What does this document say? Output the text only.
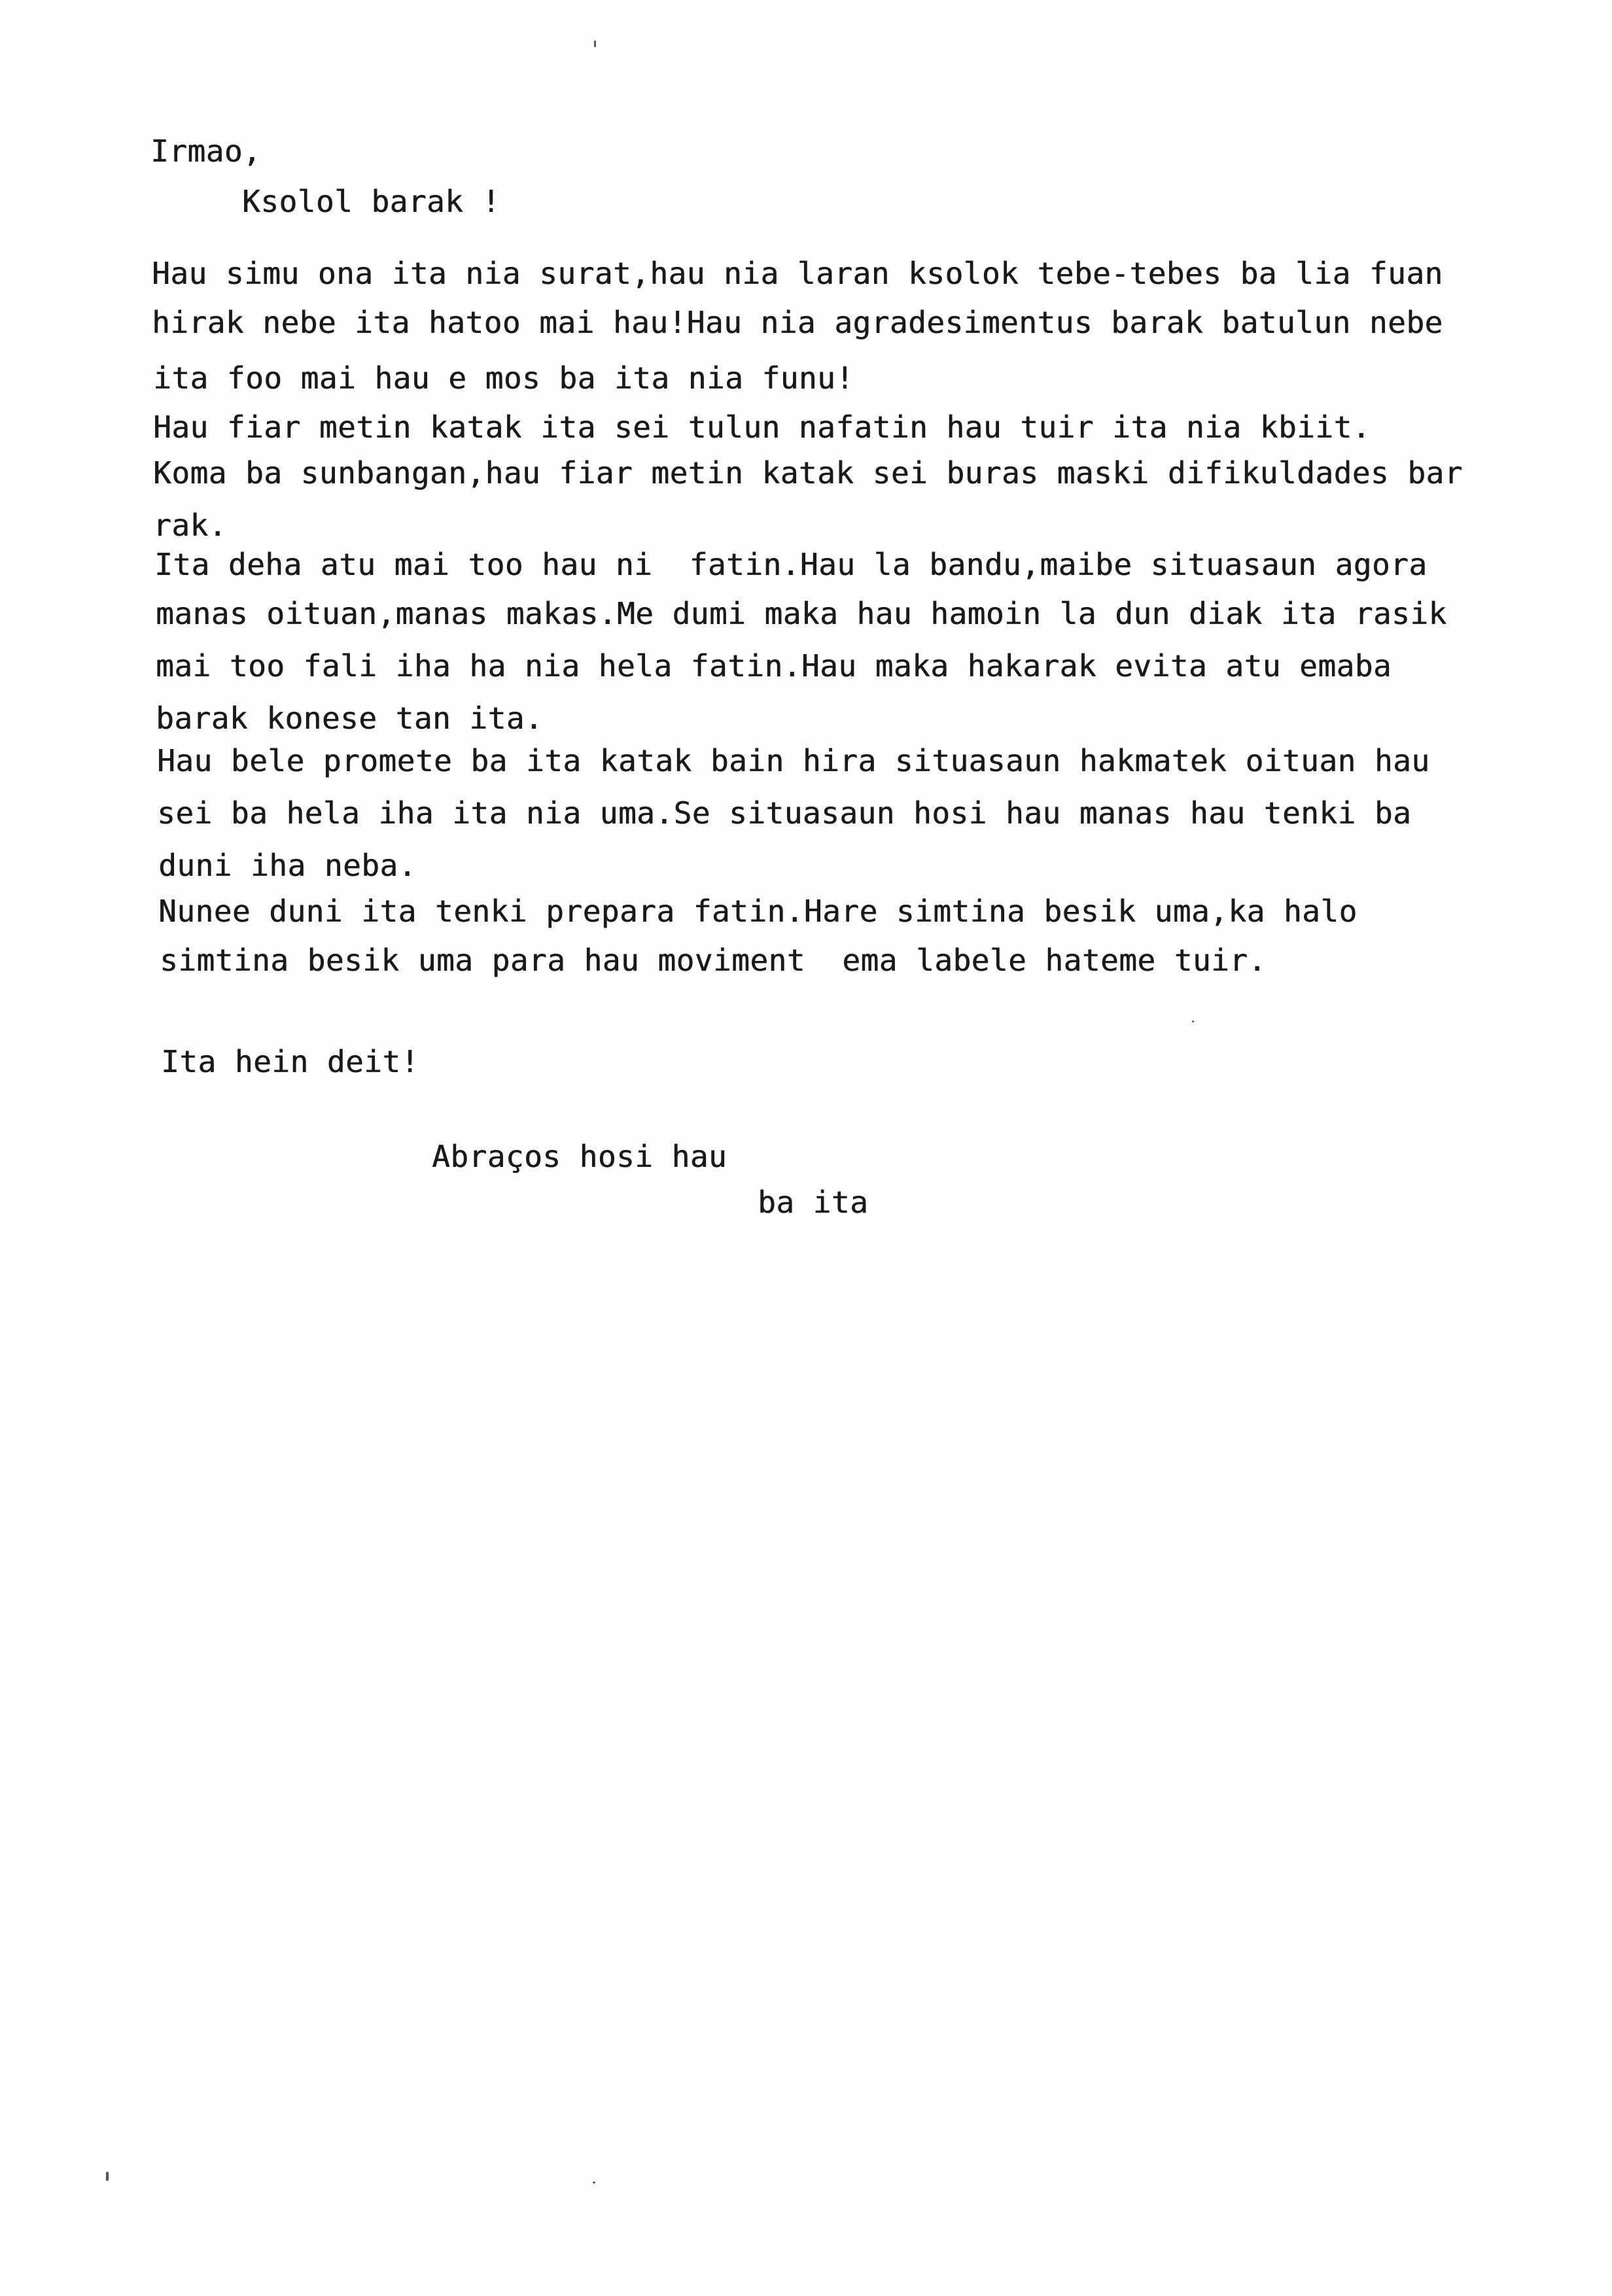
Irmao,
Ksolol barak !
Hau simu ona ita nia surat,hau nia laran ksolok tebe-tebes ba lia fuan
hirak nebe ita hatoo mai hau!Hau nia agradesimentus barak batulun nebe
ita foo mai hau e mos ba ita nia funu!
Hau fiar metin katak ita sei tulun nafatin hau tuir ita nia kbiit.
Koma ba sunbangan,hau fiar metin katak sei buras maski difikuldades bar
rak.
Ita deha atu mai too hau ni  fatin.Hau la bandu,maibe situasaun agora
manas oituan,manas makas.Me dumi maka hau hamoin la dun diak ita rasik
mai too fali iha ha nia hela fatin.Hau maka hakarak evita atu emaba
barak konese tan ita.
Hau bele promete ba ita katak bain hira situasaun hakmatek oituan hau
sei ba hela iha ita nia uma.Se situasaun hosi hau manas hau tenki ba
duni iha neba.
Nunee duni ita tenki prepara fatin.Hare simtina besik uma,ka halo
simtina besik uma para hau moviment  ema labele hateme tuir.
Ita hein deit!
Abraços hosi hau
ba ita
